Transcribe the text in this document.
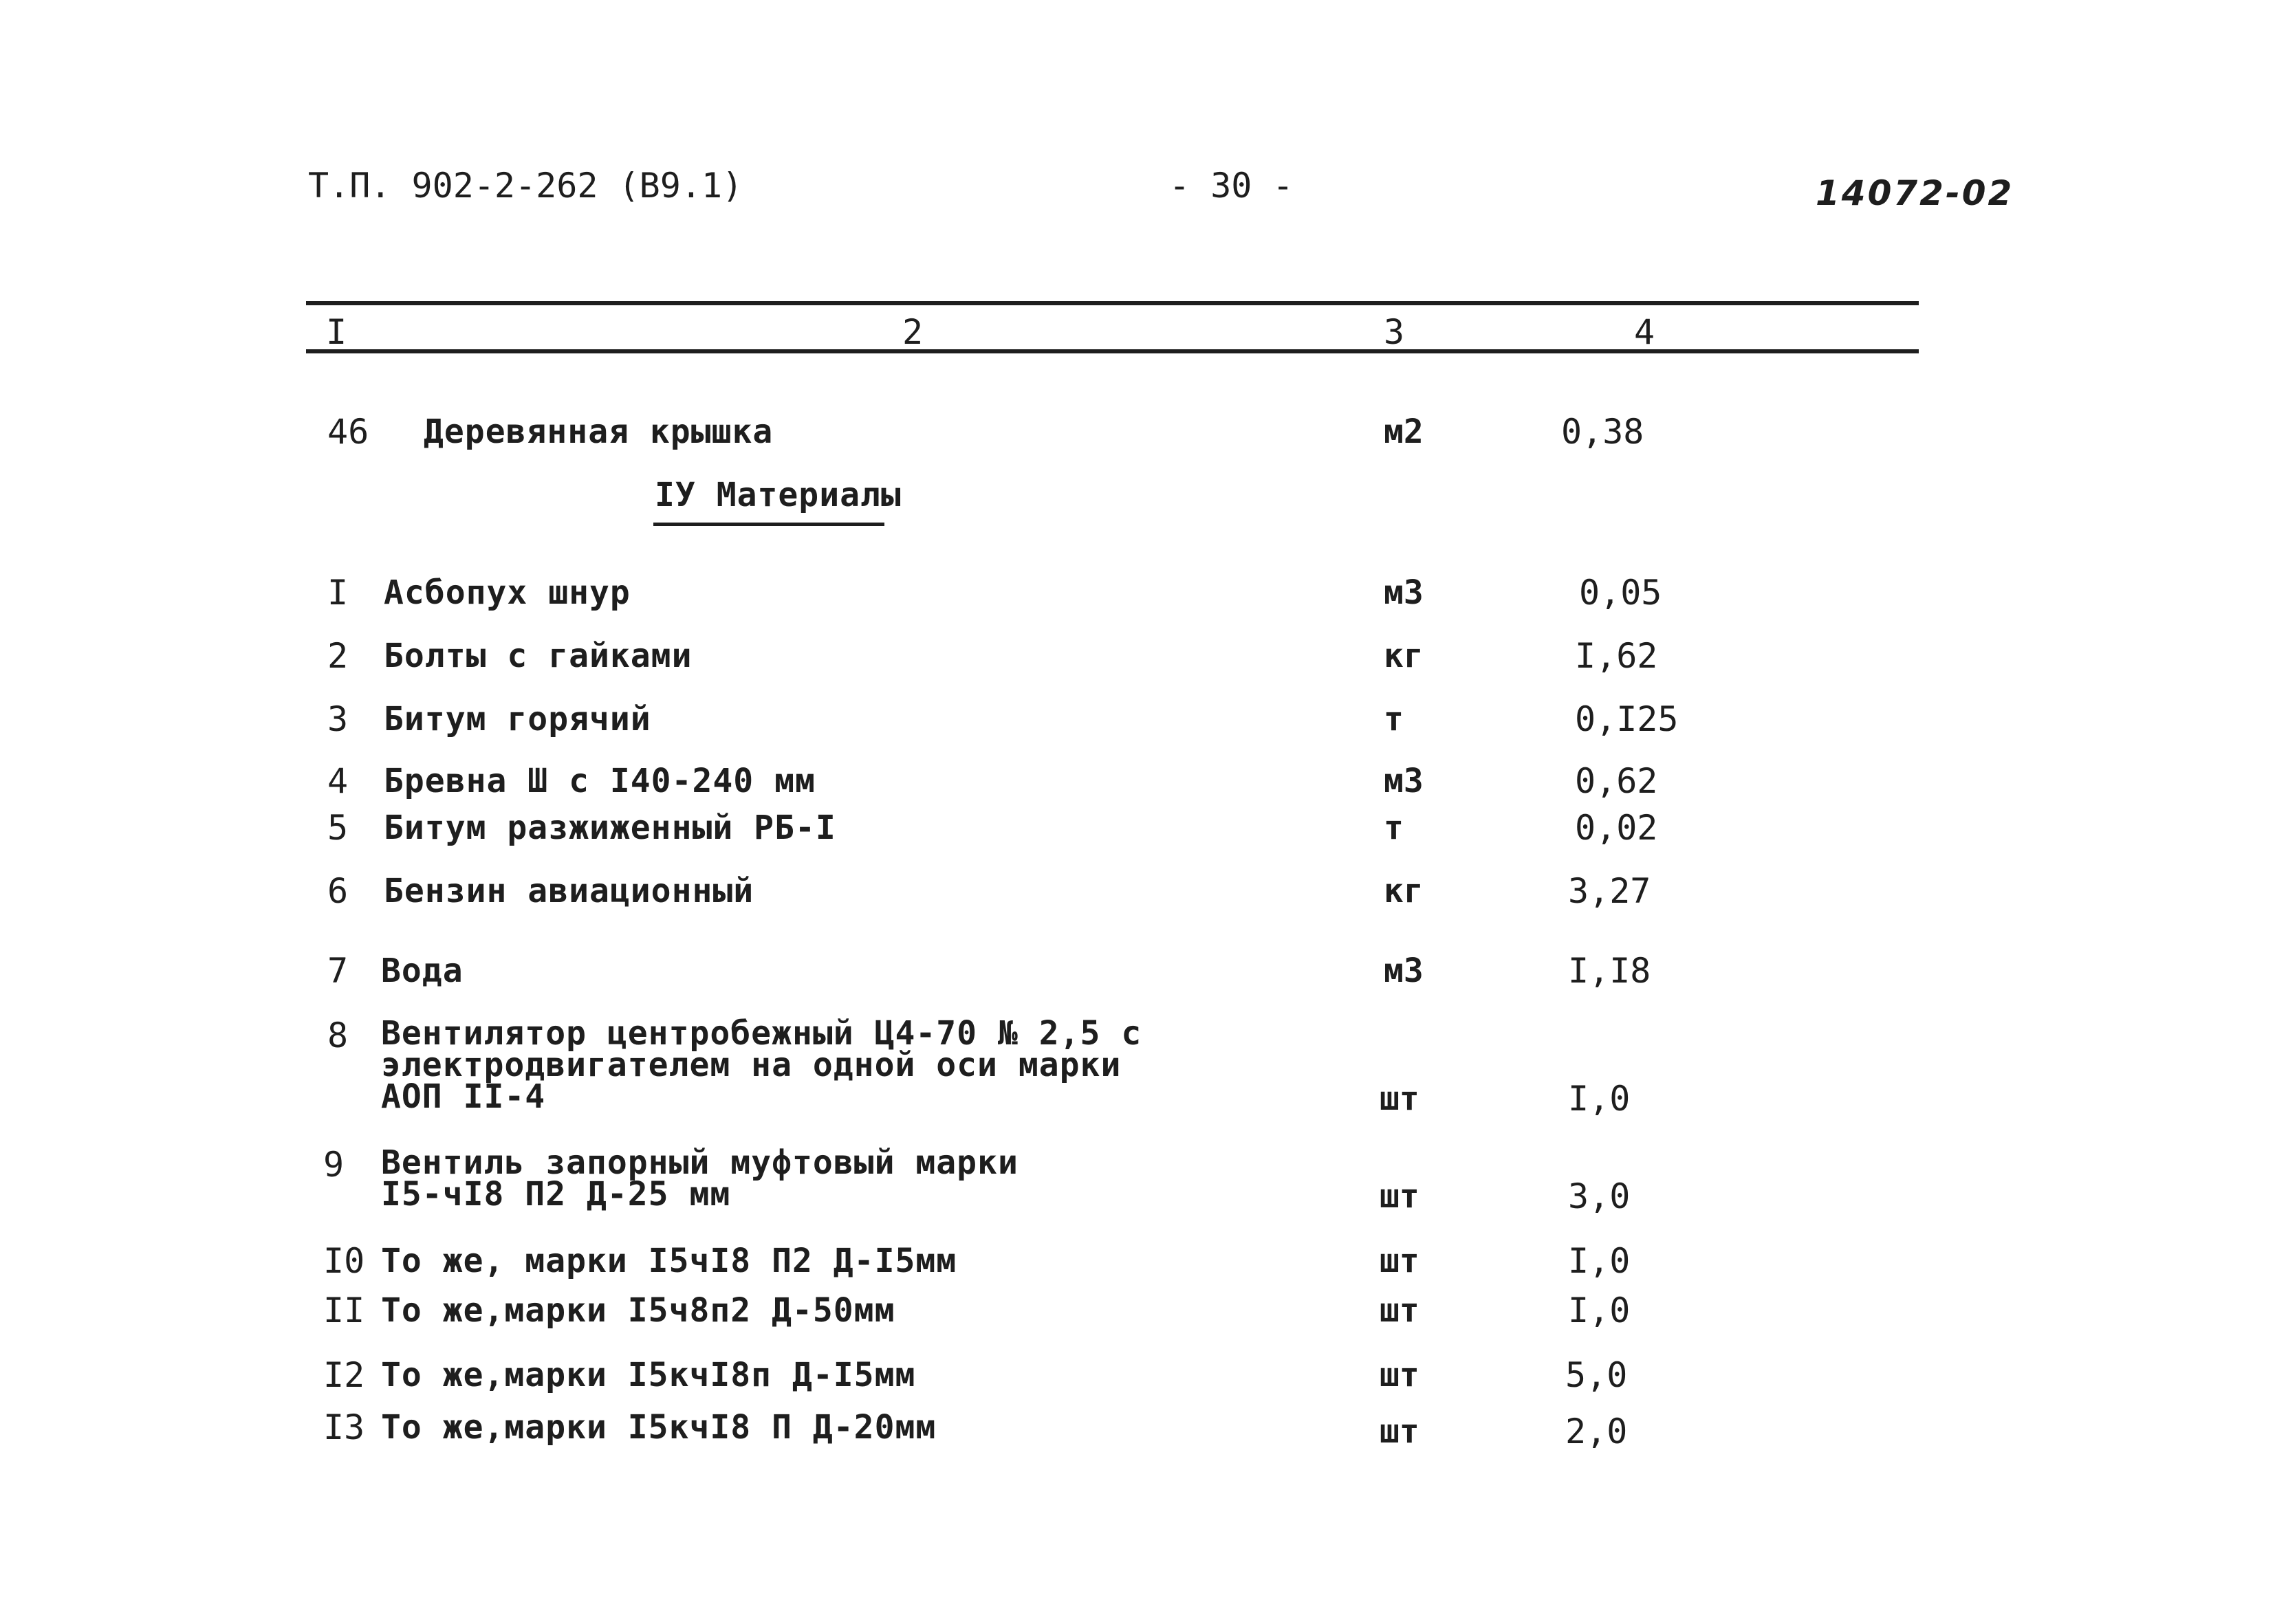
Т.П. 902-2-262 (В9.1)	- 30 -	14072-02
I	2	3	4
46 Деревянная крышка	м2	0,38
IУ Материалы
I Асбопух шнур	м3	0,05
2 Болты с гайками	кг	I,62
3 Битум горячий	т	0,I25
4 Бревна Ш с I40-240 мм	м3	0,62
5 Битум разжиженный РБ-I	т	0,02
6 Бензин авиационный	кг	3,27
7 Вода	м3	I,I8
8 Вентилятор центробежный Ц4-70 № 2,5 с
электродвигателем на одной оси марки
АОП II-4	шт	I,0
9 Вентиль запорный муфтовый марки
I5-чI8 П2 Д-25 мм	шт	3,0
I0 То же, марки I5чI8 П2 Д-I5мм	шт	I,0
II То же,марки I5ч8п2 Д-50мм	шт	I,0
I2 То же,марки I5кчI8п Д-I5мм	шт	5,0
I3 То же,марки I5кчI8 П Д-20мм	шт	2,0
